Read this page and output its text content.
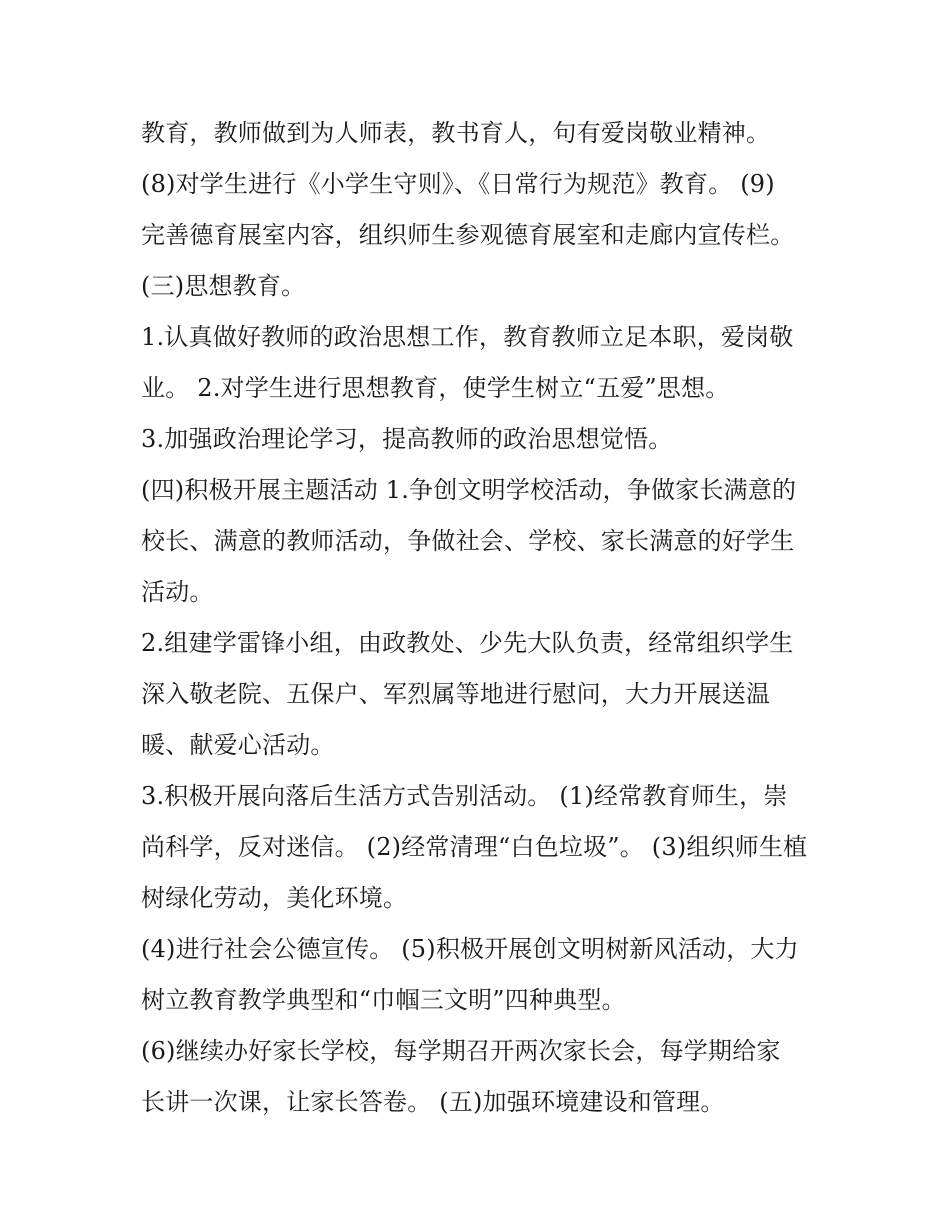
教育，教师做到为人师表，教书育人，句有爱岗敬业精神。
(8)对学生进行《小学生守则》、《日常行为规范》教育。 (9)
完善德育展室内容，组织师生参观德育展室和走廊内宣传栏。
(三)思想教育。
1.认真做好教师的政治思想工作，教育教师立足本职，爱岗敬
业。 2.对学生进行思想教育，使学生树立“五爱”思想。
3.加强政治理论学习，提高教师的政治思想觉悟。
(四)积极开展主题活动 1.争创文明学校活动，争做家长满意的
校长、满意的教师活动，争做社会、学校、家长满意的好学生
活动。
2.组建学雷锋小组，由政教处、少先大队负责，经常组织学生
深入敬老院、五保户、军烈属等地进行慰问，大力开展送温
暖、献爱心活动。
3.积极开展向落后生活方式告别活动。 (1)经常教育师生，崇
尚科学，反对迷信。 (2)经常清理“白色垃圾”。 (3)组织师生植
树绿化劳动，美化环境。
(4)进行社会公德宣传。 (5)积极开展创文明树新风活动，大力
树立教育教学典型和“巾帼三文明”四种典型。
(6)继续办好家长学校，每学期召开两次家长会，每学期给家
长讲一次课，让家长答卷。 (五)加强环境建设和管理。
